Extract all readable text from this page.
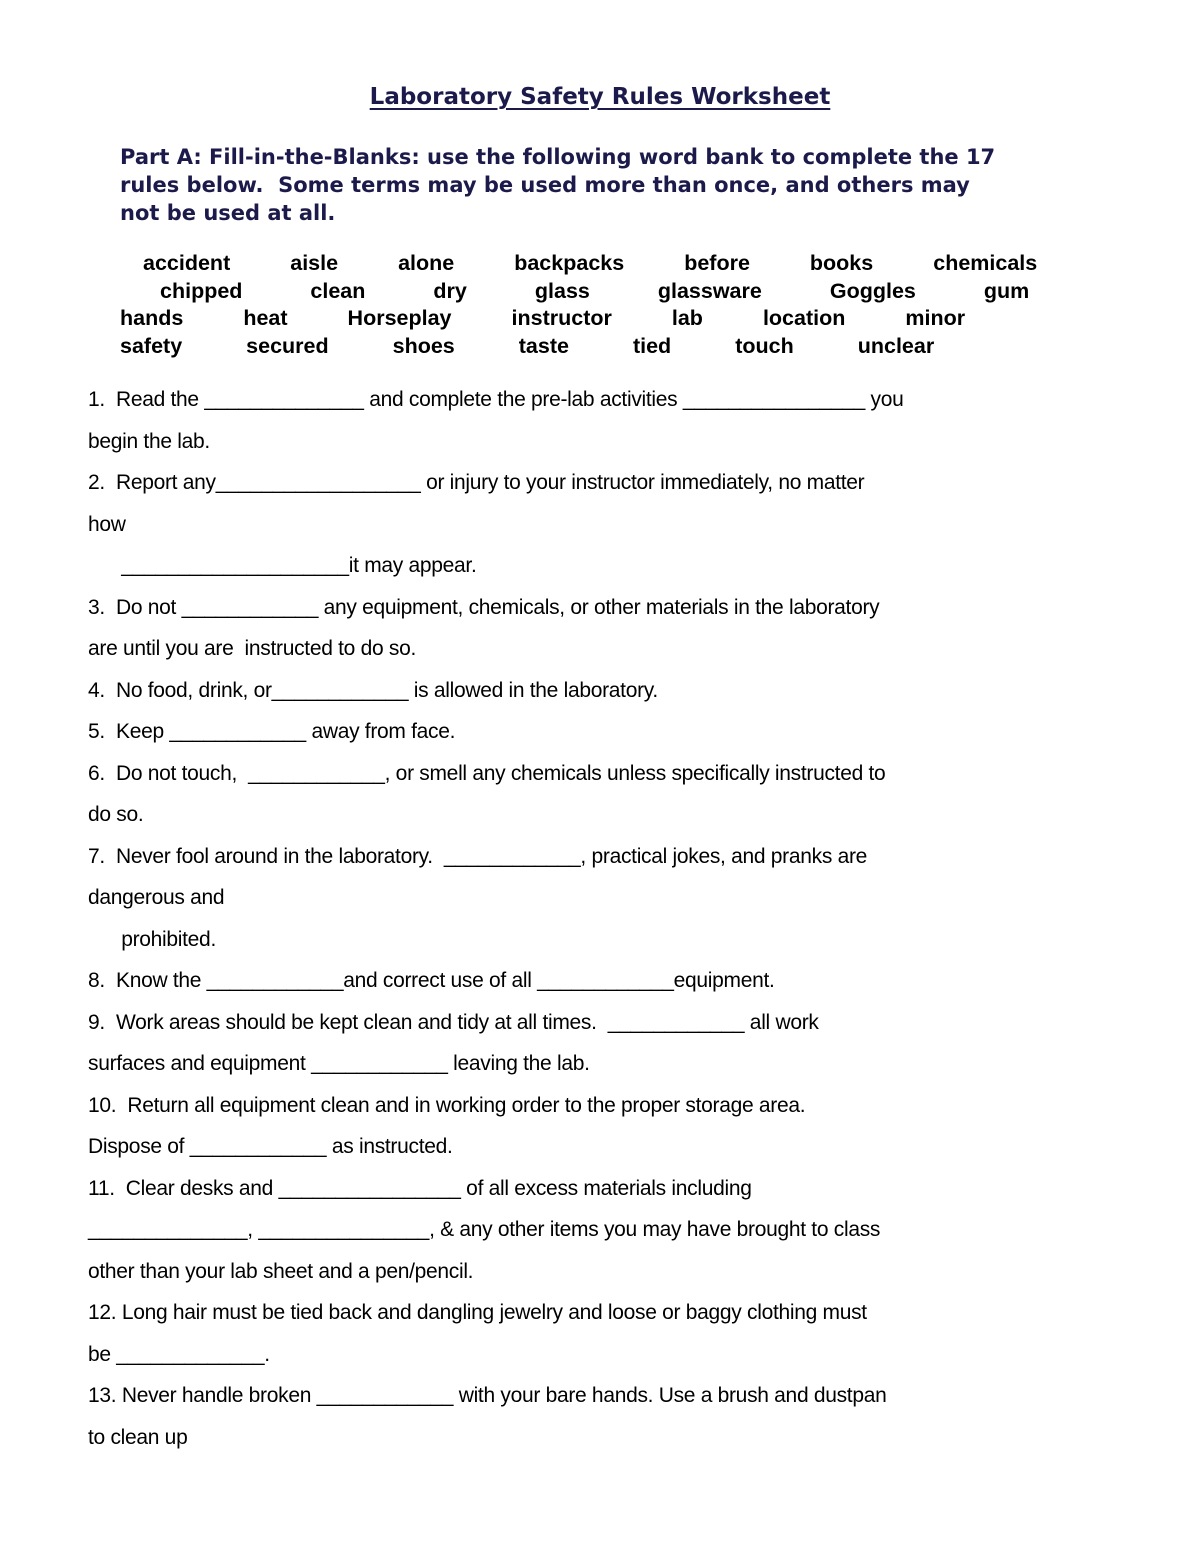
Laboratory Safety Rules Worksheet
Part A: Fill-in-the-Blanks: use the following word bank to complete the 17
rules below.  Some terms may be used more than once, and others may
not be used at all.
accident	aisle	alone	backpacks	before	books	chemicals
chipped	clean	dry	glass	glassware	Goggles	gum
hands	heat	Horseplay	instructor	lab	location	minor
safety	secured	shoes	taste	tied	touch	unclear
1.  Read the ______________ and complete the pre-lab activities ________________ you
begin the lab.
2.  Report any__________________ or injury to your instructor immediately, no matter
how
____________________it may appear.
3.  Do not ____________ any equipment, chemicals, or other materials in the laboratory
are until you are  instructed to do so.
4.  No food, drink, or____________ is allowed in the laboratory.
5.  Keep ____________ away from face.
6.  Do not touch,  ____________, or smell any chemicals unless specifically instructed to
do so.
7.  Never fool around in the laboratory.  ____________, practical jokes, and pranks are
dangerous and
prohibited.
8.  Know the ____________and correct use of all ____________equipment.
9.  Work areas should be kept clean and tidy at all times.  ____________ all work
surfaces and equipment ____________ leaving the lab.
10.  Return all equipment clean and in working order to the proper storage area.
Dispose of ____________ as instructed.
11.  Clear desks and ________________ of all excess materials including
______________, _______________, & any other items you may have brought to class
other than your lab sheet and a pen/pencil.
12. Long hair must be tied back and dangling jewelry and loose or baggy clothing must
be _____________.
13. Never handle broken ____________ with your bare hands. Use a brush and dustpan
to clean up
